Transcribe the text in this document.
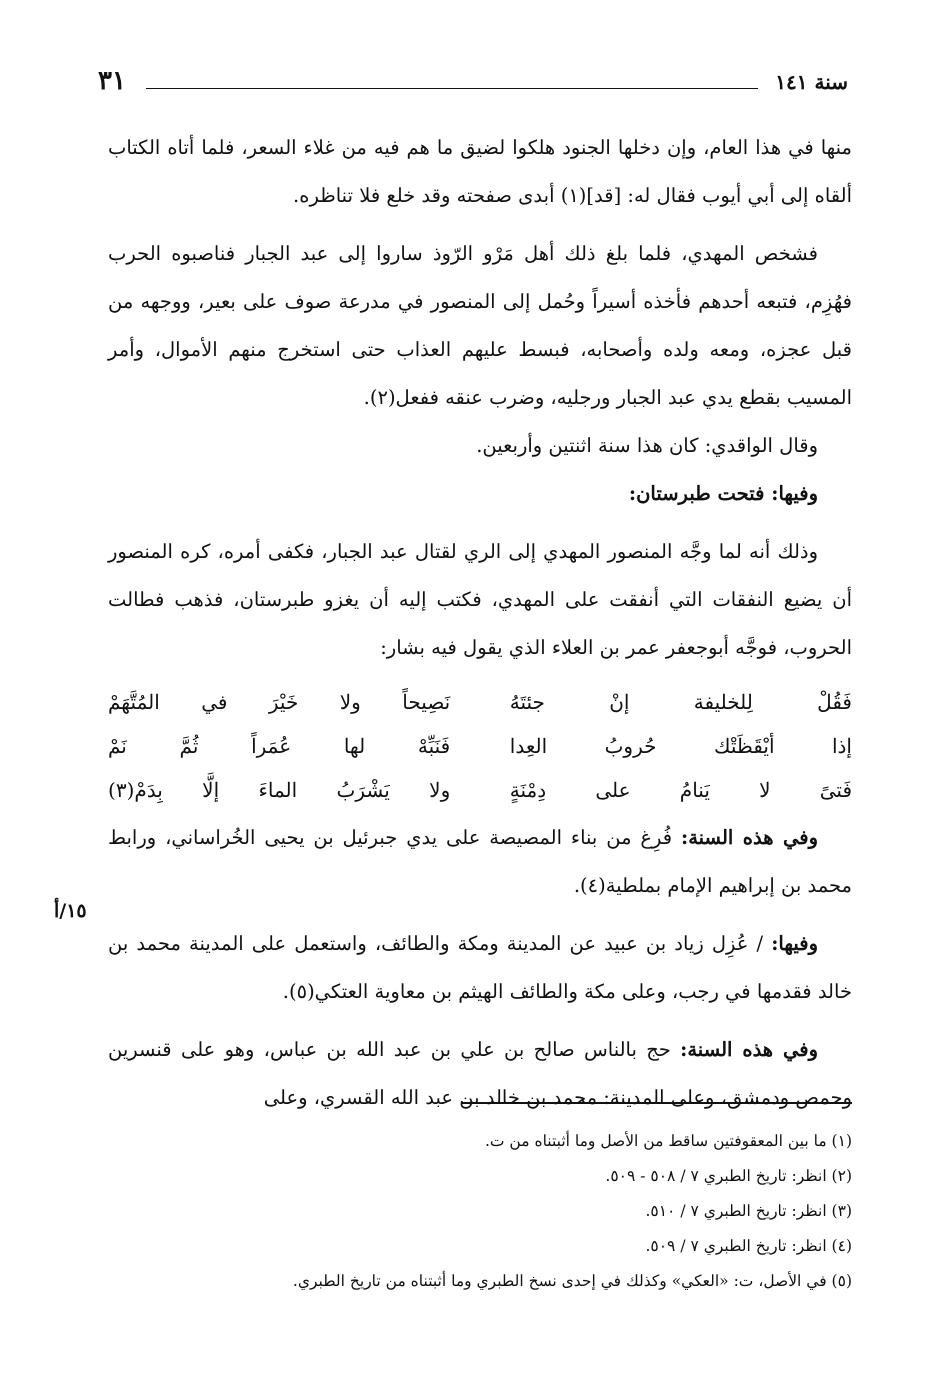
٣١	سنة ١٤١

منها في هذا العام، وإن دخلها الجنود هلكوا لضيق ما هم فيه من غلاء السعر، فلما أتاه الكتاب ألقاه إلى أبي أيوب فقال له: [قد](١) أبدى صفحته وقد خلع فلا تناظره.

فشخص المهدي، فلما بلغ ذلك أهل مَرْو الرّوذ ساروا إلى عبد الجبار فناصبوه الحرب فهُزِم، فتبعه أحدهم فأخذه أسيراً وحُمل إلى المنصور في مدرعة صوف على بعير، ووجهه من قبل عجزه، ومعه ولده وأصحابه، فبسط عليهم العذاب حتى استخرج منهم الأموال، وأمر المسيب بقطع يدي عبد الجبار ورجليه، وضرب عنقه ففعل(٢).

وقال الواقدي: كان هذا سنة اثنتين وأربعين.

وفيها: فتحت طبرستان:

وذلك أنه لما وجَّه المنصور المهدي إلى الري لقتال عبد الجبار، فكفى أمره، كره المنصور أن يضيع النفقات التي أنفقت على المهدي، فكتب إليه أن يغزو طبرستان، فذهب فطالت الحروب، فوجَّه أبوجعفر عمر بن العلاء الذي يقول فيه بشار:

فَقُلْ لِلخليفة إنْ جئتَهُ
نَصِيحاً ولا خَيْرَ في المُتَّهَمْ
إذا أيْقَظَتْك حُروبُ العِدا
فَنَبِّهْ لها عُمَراً ثُمَّ نَمْ
فَتىً لا يَنامُ على دِمْنَةٍ
ولا يَشْرَبُ الماءَ إلَّا بِدَمْ(٣)

وفي هذه السنة: فُرِغ من بناء المصيصة على يدي جبرئيل بن يحيى الخُراساني، ورابط محمد بن إبراهيم الإمام بملطية(٤).

وفيها: / عُزِل زياد بن عبيد عن المدينة ومكة والطائف، واستعمل على المدينة محمد بن خالد فقدمها في رجب، وعلى مكة والطائف الهيثم بن معاوية العتكي(٥).

وفي هذه السنة: حج بالناس صالح بن علي بن عبد الله بن عباس، وهو على قنسرين وحمص ودمشق، وعلى المدينة: محمد بن خالد بن عبد الله القسري، وعلى

١٥/أ
(١) ما بين المعقوفتين ساقط من الأصل وما أثبتناه من ت.
(٢) انظر: تاريخ الطبري ٧ / ٥٠٨ - ٥٠٩.
(٣) انظر: تاريخ الطبري ٧ / ٥١٠.
(٤) انظر: تاريخ الطبري ٧ / ٥٠٩.
(٥) في الأصل، ت: «العكي» وكذلك في إحدى نسخ الطبري وما أثبتناه من تاريخ الطبري.
